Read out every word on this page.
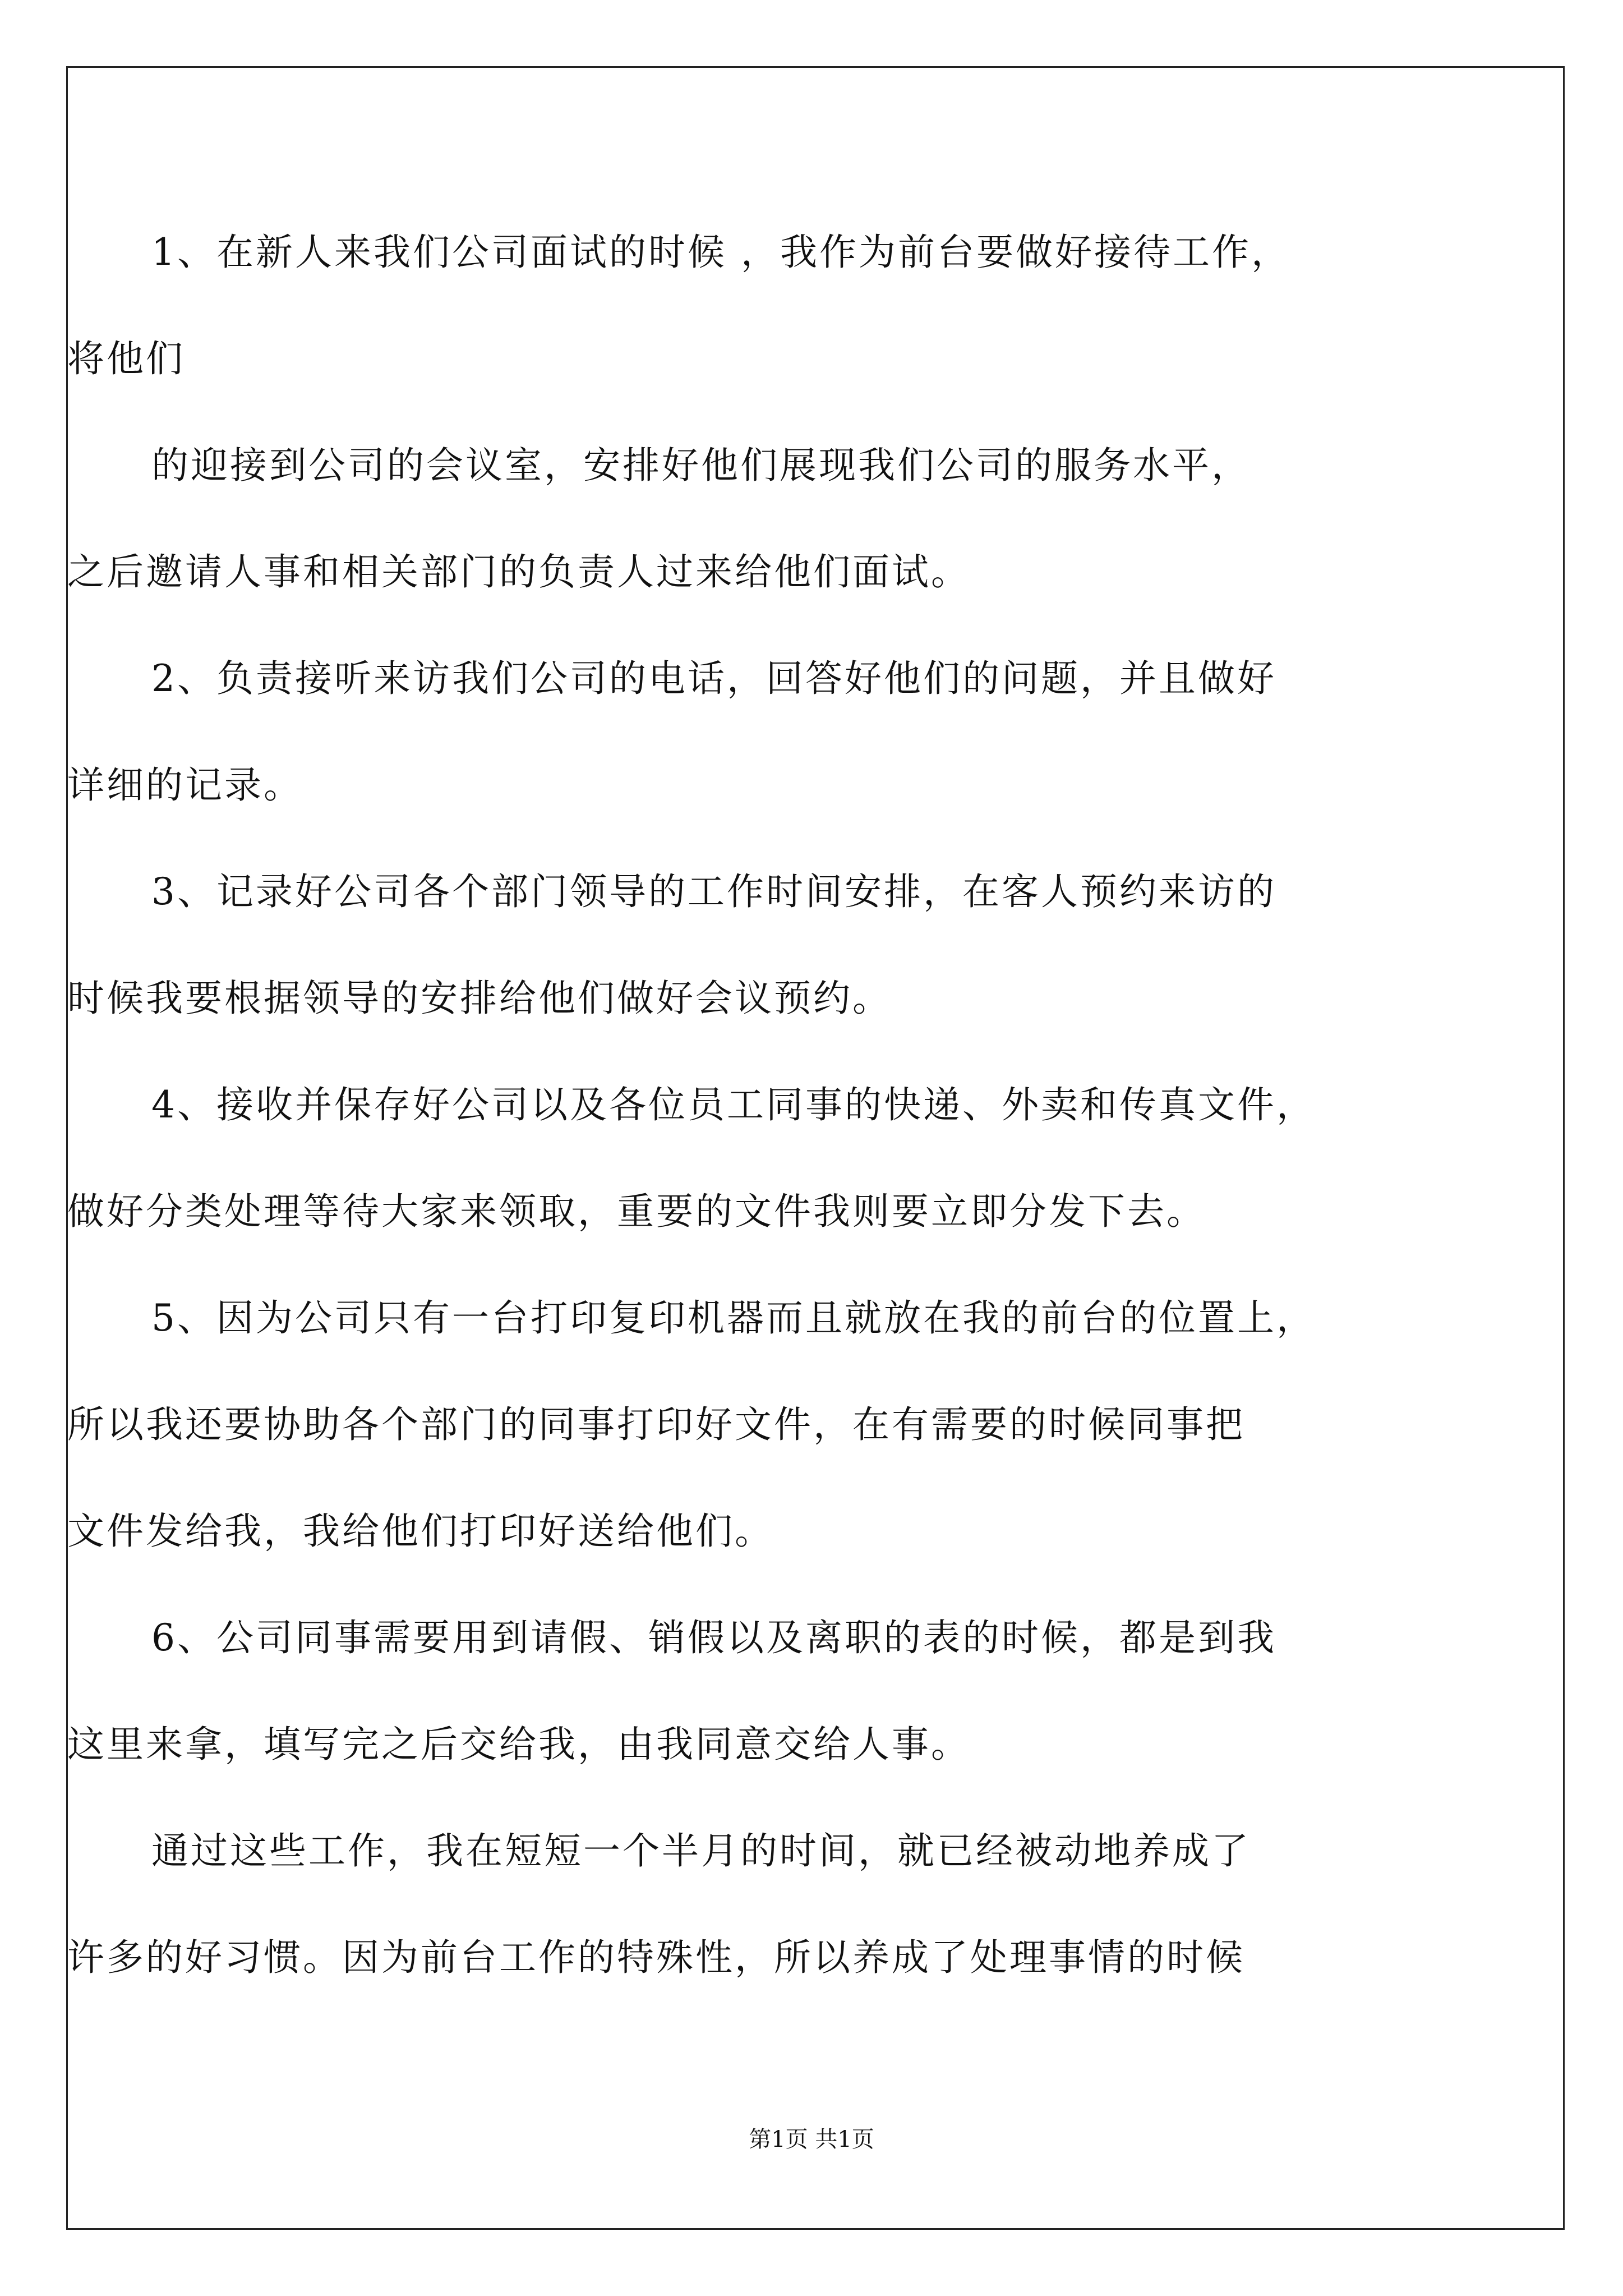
1、在新人来我们公司面试的时候 ，我作为前台要做好接待工作，
将他们
的迎接到公司的会议室，安排好他们展现我们公司的服务水平，
之后邀请人事和相关部门的负责人过来给他们面试。
2、负责接听来访我们公司的电话，回答好他们的问题，并且做好
详细的记录。
3、记录好公司各个部门领导的工作时间安排，在客人预约来访的
时候我要根据领导的安排给他们做好会议预约。
4、接收并保存好公司以及各位员工同事的快递、外卖和传真文件，
做好分类处理等待大家来领取，重要的文件我则要立即分发下去。
5、因为公司只有一台打印复印机器而且就放在我的前台的位置上，
所以我还要协助各个部门的同事打印好文件，在有需要的时候同事把
文件发给我，我给他们打印好送给他们。
6、公司同事需要用到请假、销假以及离职的表的时候，都是到我
这里来拿，填写完之后交给我，由我同意交给人事。
通过这些工作，我在短短一个半月的时间，就已经被动地养成了
许多的好习惯。因为前台工作的特殊性，所以养成了处理事情的时候
第1页 共1页
